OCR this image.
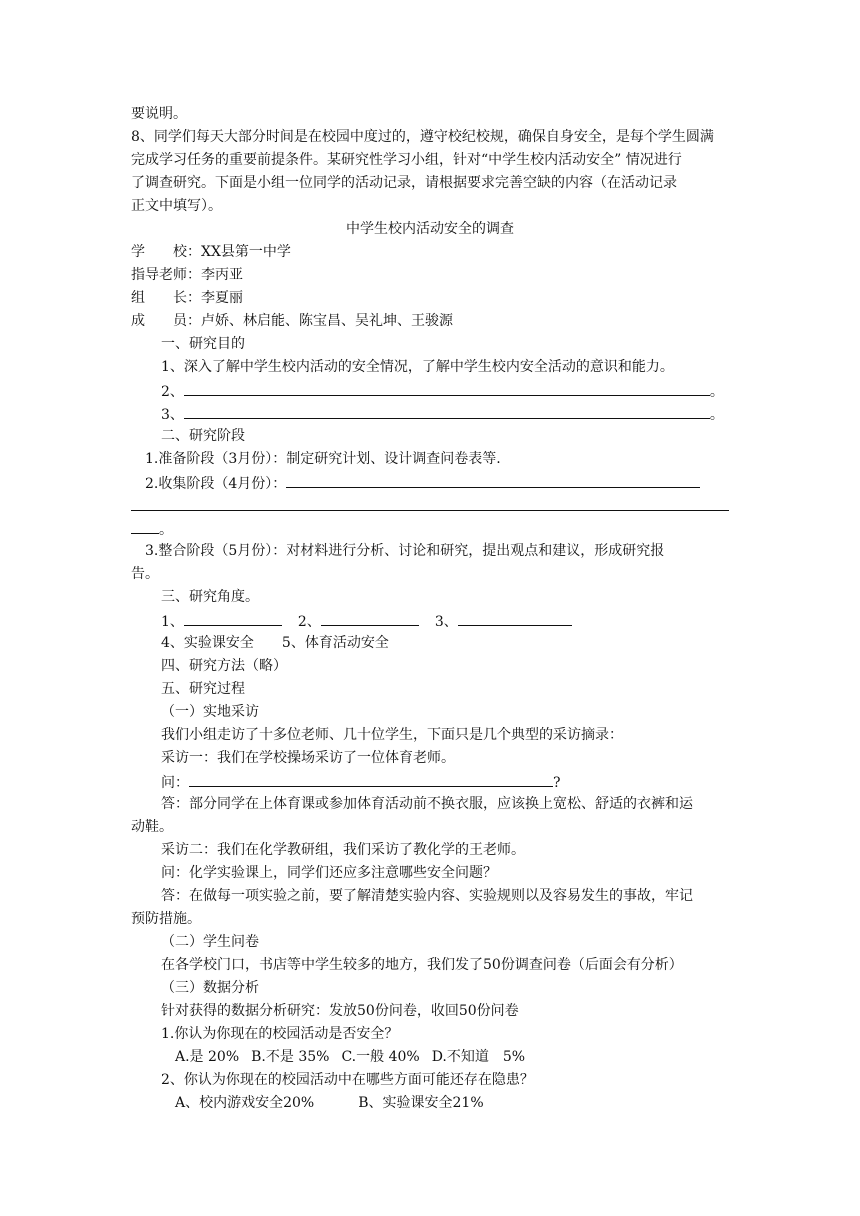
要说明。
8、同学们每天大部分时间是在校园中度过的，遵守校纪校规，确保自身安全，是每个学生圆满
完成学习任务的重要前提条件。某研究性学习小组，针对“中学生校内活动安全” 情况进行
了调查研究。下面是小组一位同学的活动记录，请根据要求完善空缺的内容（在活动记录
正文中填写）。
中学生校内活动安全的调查
学　　校：XX县第一中学
指导老师：李丙亚
组　　长：李夏丽
成　　员：卢娇、林启能、陈宝昌、吴礼坤、王骏源
一、研究目的
1、深入了解中学生校内活动的安全情况，了解中学生校内安全活动的意识和能力。
2、	。
3、	。
二、研究阶段
1.准备阶段（3月份）：制定研究计划、设计调查问卷表等.
2.收集阶段（4月份）：
。
3.整合阶段（5月份）：对材料进行分析、讨论和研究，提出观点和建议，形成研究报
告。
三、研究角度。
1、	2、	3、
4、实验课安全 5、体育活动安全
四、研究方法（略）
五、研究过程
（一）实地采访
我们小组走访了十多位老师、几十位学生，下面只是几个典型的采访摘录：
采访一：我们在学校操场采访了一位体育老师。
问：	?
答：部分同学在上体育课或参加体育活动前不换衣服，应该换上宽松、舒适的衣裤和运
动鞋。
采访二：我们在化学教研组，我们采访了教化学的王老师。
问：化学实验课上，同学们还应多注意哪些安全问题？
答：在做每一项实验之前，要了解清楚实验内容、实验规则以及容易发生的事故，牢记
预防措施。
（二）学生问卷
在各学校门口，书店等中学生较多的地方，我们发了50份调查问卷（后面会有分析）
（三）数据分析
针对获得的数据分析研究：发放50份问卷，收回50份问卷
1.你认为你现在的校园活动是否安全？
A.是 20% B.不是 35% C.一般 40% D.不知道　5%
2、你认为你现在的校园活动中在哪些方面可能还存在隐患？
A、校内游戏安全20%	B、实验课安全21%
